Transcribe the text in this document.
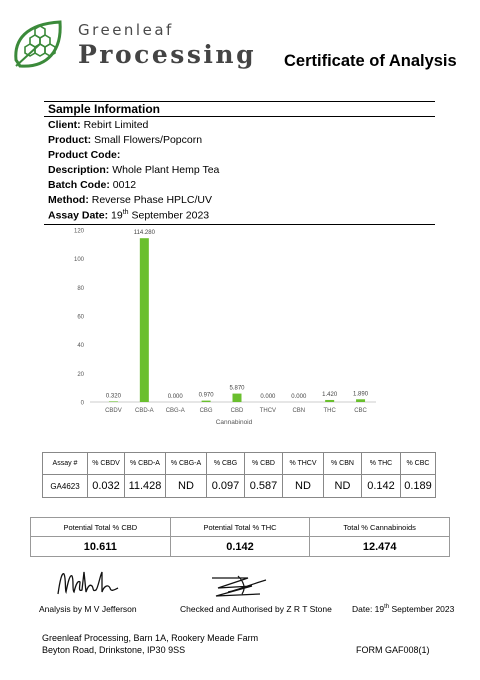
Greenleaf
Processing Certificate of Analysis
Sample Information
Client: Rebirt Limited
Product: Small Flowers/Popcorn
Product Code:
Description: Whole Plant Hemp Tea
Batch Code: 0012
Method: Reverse Phase HPLC/UV
Assay Date: 19th September 2023
0
20
40
60
80
100
120
0.320
CBDV
114.280
CBD-A
0.000
CBG-A
0.970
CBG
5.870
CBD
0.000
THCV
0.000
CBN
1.420
THC
1.890
CBC
Cannabinoid
Assay #	% CBDV	% CBD-A	% CBG-A	% CBG	% CBD	% THCV	% CBN	% THC	% CBC
GA4623	0.032	11.428	ND	0.097	0.587	ND	ND	0.142	0.189
Potential Total % CBD	Potential Total % THC	Total % Cannabinoids
10.611	0.142	12.474
Analysis by M V Jefferson	Checked and Authorised by Z R T Stone Date: 19th September 2023
Greenleaf Processing, Barn 1A, Rookery Meade Farm
Beyton Road, Drinkstone, IP30 9SS	FORM GAF008(1)
